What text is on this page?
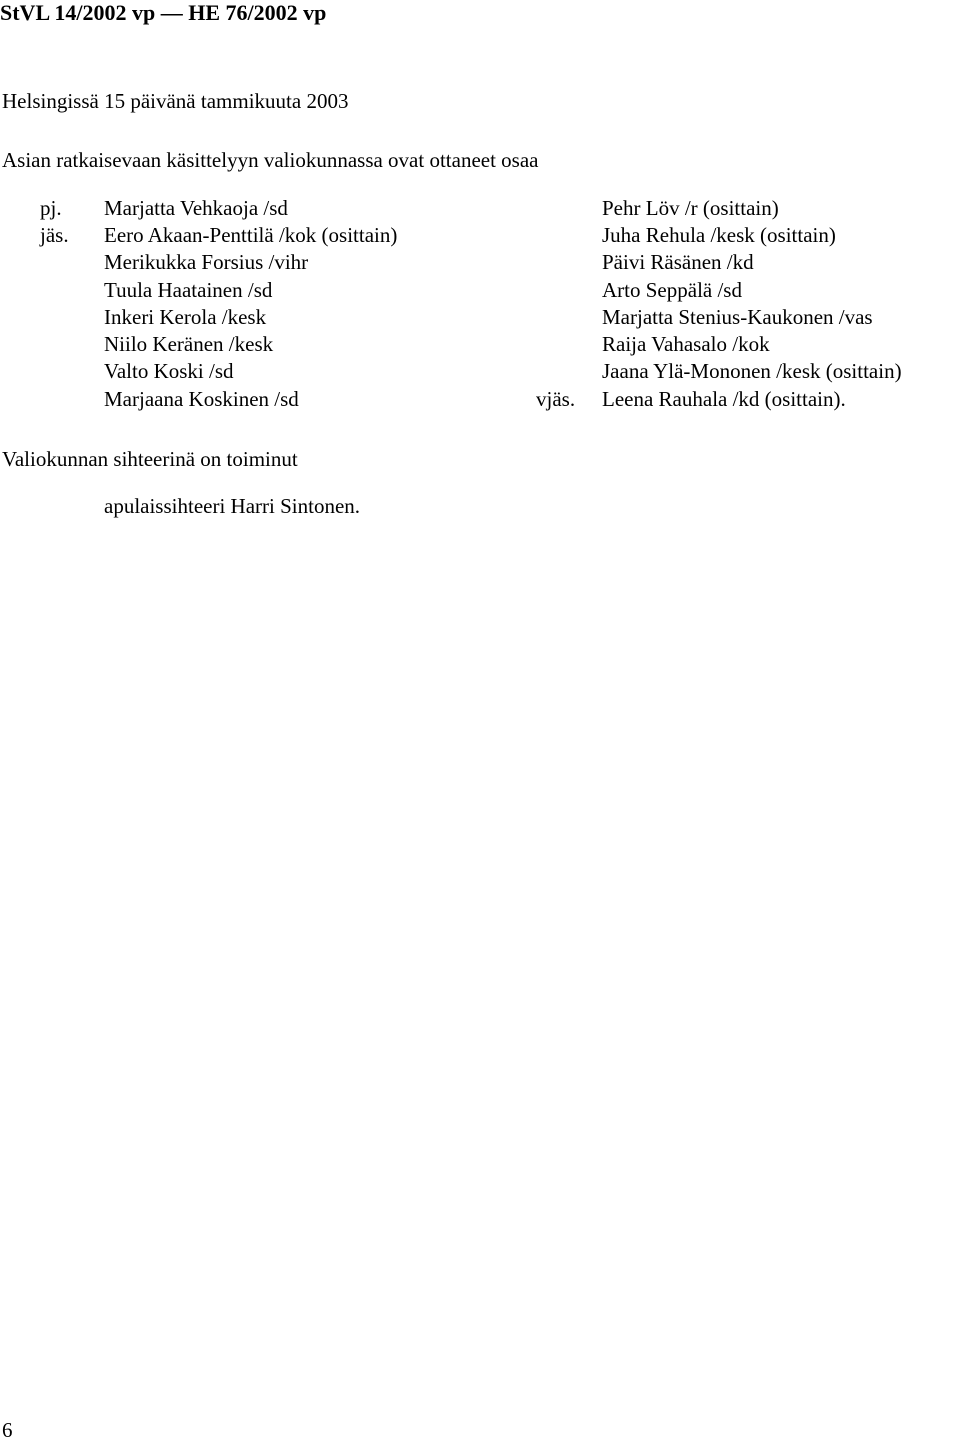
StVL 14/2002 vp — HE 76/2002 vp
Helsingissä 15 päivänä tammikuuta 2003
Asian ratkaisevaan käsittelyyn valiokunnassa ovat ottaneet osaa
pj. Marjatta Vehkaoja /sd	Pehr Löv /r (osittain)
jäs. Eero Akaan-Penttilä /kok (osittain)	Juha Rehula /kesk (osittain)
Merikukka Forsius /vihr	Päivi Räsänen /kd
Tuula Haatainen /sd	Arto Seppälä /sd
Inkeri Kerola /kesk	Marjatta Stenius-Kaukonen /vas
Niilo Keränen /kesk	Raija Vahasalo /kok
Valto Koski /sd	Jaana Ylä-Mononen /kesk (osittain)
Marjaana Koskinen /sd	vjäs. Leena Rauhala /kd (osittain).
Valiokunnan sihteerinä on toiminut
apulaissihteeri Harri Sintonen.
6
